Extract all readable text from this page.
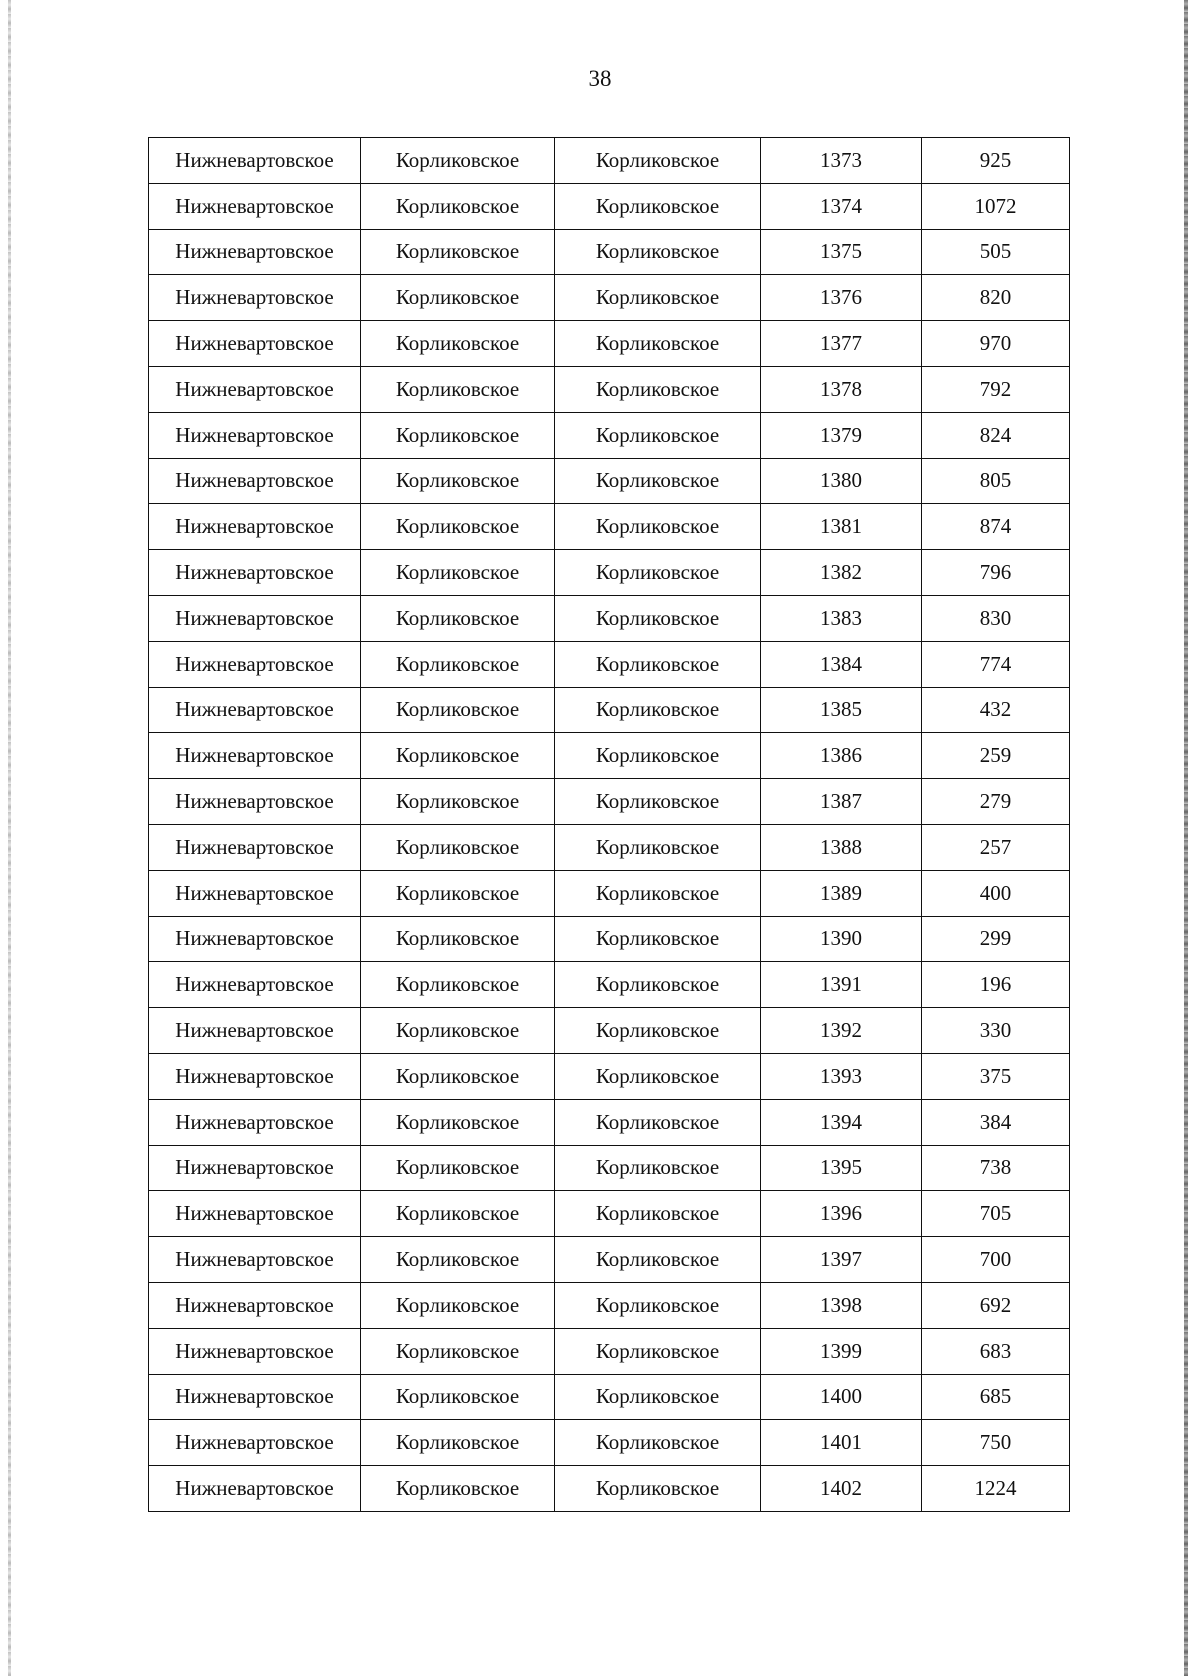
38
Нижневартовское	Корликовское	Корликовское	1373	925
Нижневартовское	Корликовское	Корликовское	1374	1072
Нижневартовское	Корликовское	Корликовское	1375	505
Нижневартовское	Корликовское	Корликовское	1376	820
Нижневартовское	Корликовское	Корликовское	1377	970
Нижневартовское	Корликовское	Корликовское	1378	792
Нижневартовское	Корликовское	Корликовское	1379	824
Нижневартовское	Корликовское	Корликовское	1380	805
Нижневартовское	Корликовское	Корликовское	1381	874
Нижневартовское	Корликовское	Корликовское	1382	796
Нижневартовское	Корликовское	Корликовское	1383	830
Нижневартовское	Корликовское	Корликовское	1384	774
Нижневартовское	Корликовское	Корликовское	1385	432
Нижневартовское	Корликовское	Корликовское	1386	259
Нижневартовское	Корликовское	Корликовское	1387	279
Нижневартовское	Корликовское	Корликовское	1388	257
Нижневартовское	Корликовское	Корликовское	1389	400
Нижневартовское	Корликовское	Корликовское	1390	299
Нижневартовское	Корликовское	Корликовское	1391	196
Нижневартовское	Корликовское	Корликовское	1392	330
Нижневартовское	Корликовское	Корликовское	1393	375
Нижневартовское	Корликовское	Корликовское	1394	384
Нижневартовское	Корликовское	Корликовское	1395	738
Нижневартовское	Корликовское	Корликовское	1396	705
Нижневартовское	Корликовское	Корликовское	1397	700
Нижневартовское	Корликовское	Корликовское	1398	692
Нижневартовское	Корликовское	Корликовское	1399	683
Нижневартовское	Корликовское	Корликовское	1400	685
Нижневартовское	Корликовское	Корликовское	1401	750
Нижневартовское	Корликовское	Корликовское	1402	1224
